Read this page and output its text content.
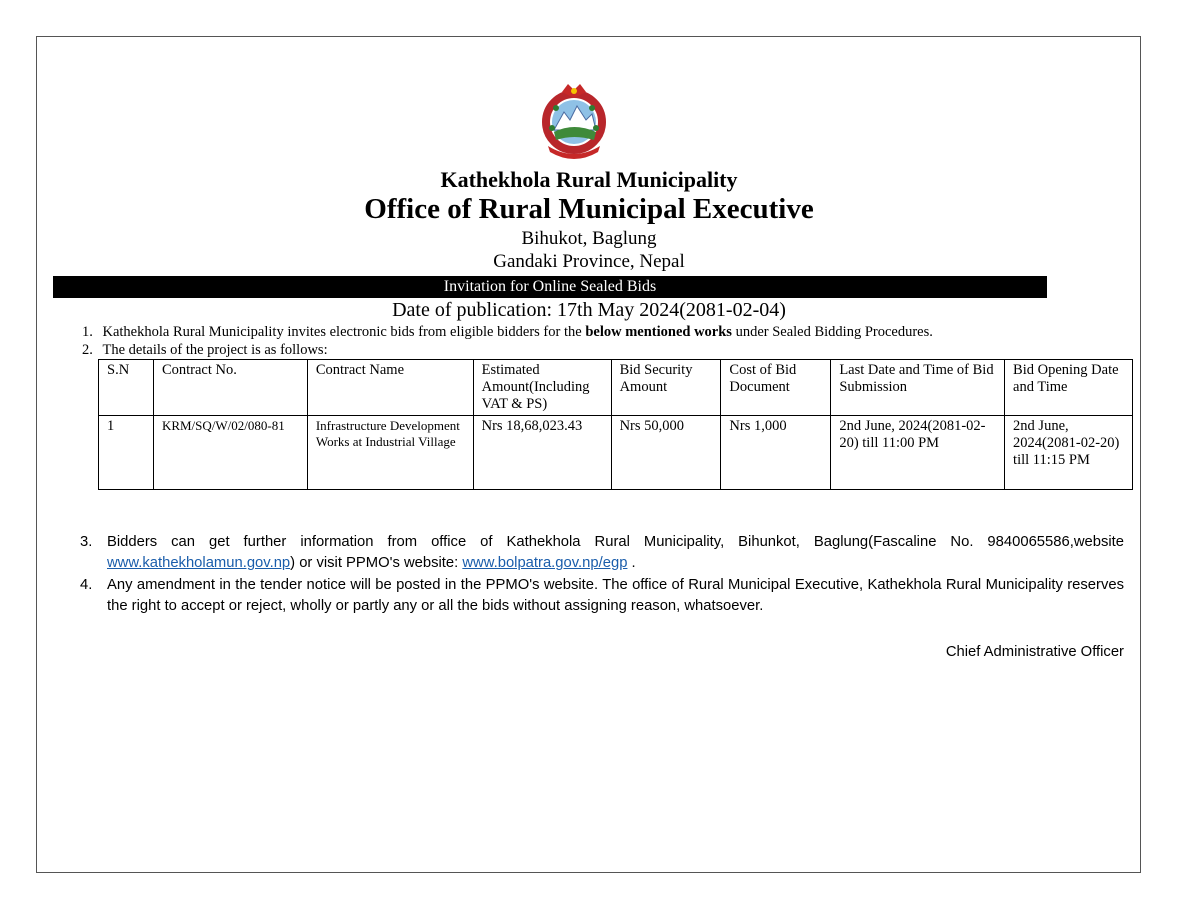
Kathekhola Rural Municipality
Office of Rural Municipal Executive
Bihukot, Baglung
Gandaki Province, Nepal
Invitation for Online Sealed Bids
Date of publication: 17th May 2024(2081-02-04)
1. Kathekhola Rural Municipality invites electronic bids from eligible bidders for the below mentioned works under Sealed Bidding Procedures.
2. The details of the project is as follows:
S.N	Contract No.	Contract Name	Estimated Amount(Including VAT & PS)	Bid Security Amount	Cost of Bid Document	Last Date and Time of Bid Submission	Bid Opening Date and Time
1	KRM/SQ/W/02/080-81	Infrastructure Development Works at Industrial Village	Nrs 18,68,023.43	Nrs 50,000	Nrs 1,000	2nd June, 2024(2081-02-20) till 11:00 PM	2nd June, 2024(2081-02-20) till 11:15 PM
3. Bidders can get further information from office of Kathekhola Rural Municipality, Bihunkot, Baglung(Fascaline No. 9840065586,website www.kathekholamun.gov.np) or visit PPMO's website: www.bolpatra.gov.np/egp .
4. Any amendment in the tender notice will be posted in the PPMO's website. The office of Rural Municipal Executive, Kathekhola Rural Municipality reserves the right to accept or reject, wholly or partly any or all the bids without assigning reason, whatsoever.
Chief Administrative Officer
